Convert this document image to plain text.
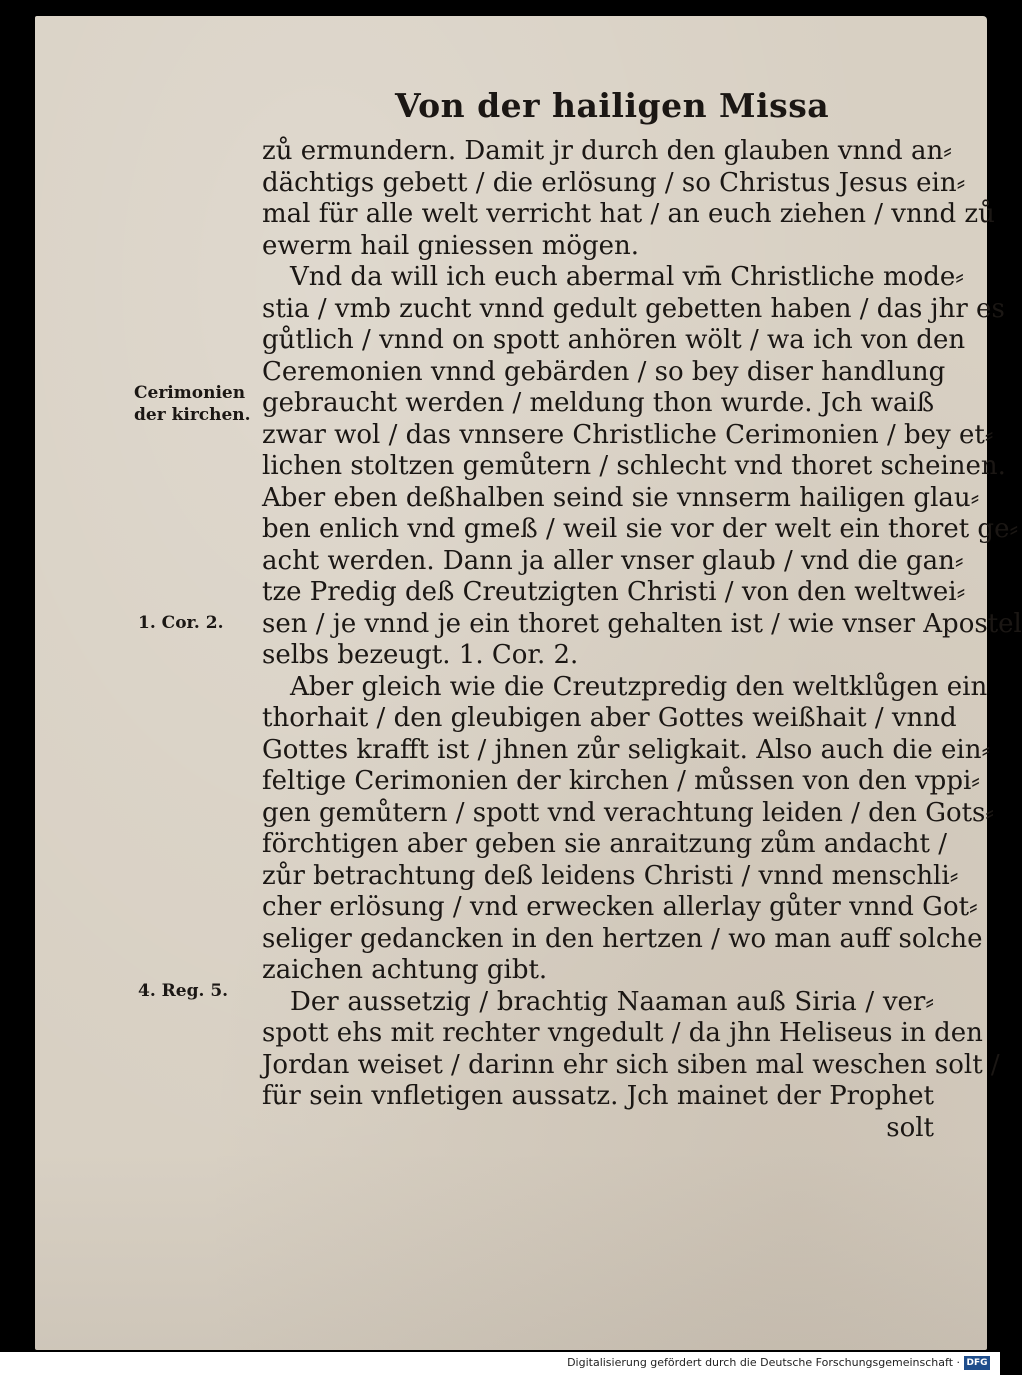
Von der hailigen Missa
Cerimonien
der kirchen.
1. Cor. 2.
4. Reg. 5.
zů ermundern. Damit jr durch den glauben vnnd an⸗
dächtigs gebett / die erlösung / so Christus Jesus ein⸗
mal für alle welt verricht hat / an euch ziehen / vnnd zů
ewerm hail gniessen mögen.
Vnd da will ich euch abermal vm̄ Christliche mode⸗
stia / vmb zucht vnnd gedult gebetten haben / das jhr es
gůtlich / vnnd on spott anhören wölt / wa ich von den
Ceremonien vnnd gebärden / so bey diser handlung
gebraucht werden / meldung thon wurde. Jch waiß
zwar wol / das vnnsere Christliche Cerimonien / bey et⸗
lichen stoltzen gemůtern / schlecht vnd thoret scheinen.
Aber eben deßhalben seind sie vnnserm hailigen glau⸗
ben enlich vnd gmeß / weil sie vor der welt ein thoret ge⸗
acht werden. Dann ja aller vnser glaub / vnd die gan⸗
tze Predig deß Creutzigten Christi / von den weltwei⸗
sen / je vnnd je ein thoret gehalten ist / wie vnser Apostel
selbs bezeugt. 1. Cor. 2.
Aber gleich wie die Creutzpredig den weltklůgen ein
thorhait / den gleubigen aber Gottes weißhait / vnnd
Gottes krafft ist / jhnen zůr seligkait. Also auch die ein⸗
feltige Cerimonien der kirchen / můssen von den vppi⸗
gen gemůtern / spott vnd verachtung leiden / den Gots⸗
förchtigen aber geben sie anraitzung zům andacht /
zůr betrachtung deß leidens Christi / vnnd menschli⸗
cher erlösung / vnd erwecken allerlay gůter vnnd Got⸗
seliger gedancken in den hertzen / wo man auff solche
zaichen achtung gibt.
Der aussetzig / brachtig Naaman auß Siria / ver⸗
spott ehs mit rechter vngedult / da jhn Heliseus in den
Jordan weiset / darinn ehr sich siben mal weschen solt /
für sein vnfletigen aussatz. Jch mainet der Prophet
solt
Digitalisierung gefördert durch die Deutsche Forschungsgemeinschaft · DFG
